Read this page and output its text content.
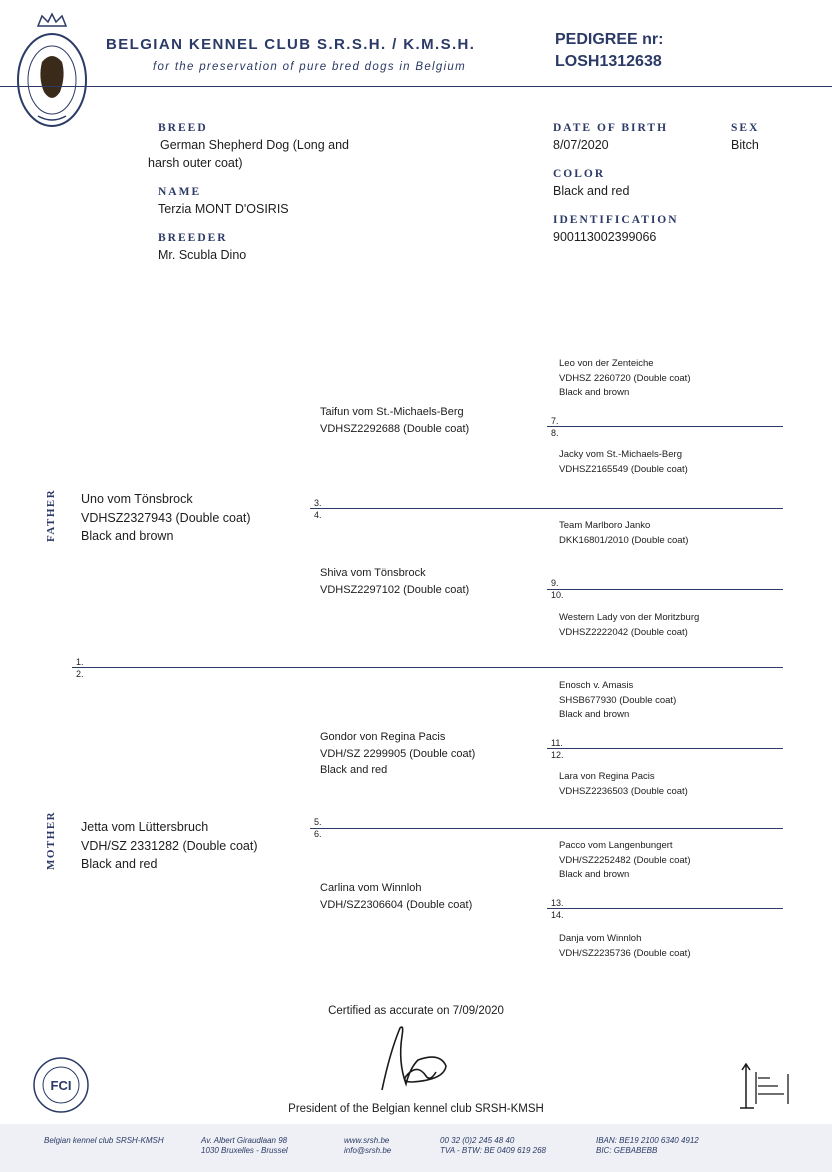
BELGIAN KENNEL CLUB S.R.S.H. / K.M.S.H.
for the preservation of pure bred dogs in Belgium
PEDIGREE nr:
LOSH1312638
BREED
German Shepherd Dog (Long and
harsh outer coat)
NAME
Terzia MONT D'OSIRIS
BREEDER
Mr. Scubla Dino
DATE OF BIRTH
8/07/2020
SEX
Bitch
COLOR
Black and red
IDENTIFICATION
900113002399066
FATHER
MOTHER
Uno vom Tönsbrock
VDHSZ2327943 (Double coat)
Black and brown
Jetta vom Lüttersbruch
VDH/SZ 2331282 (Double coat)
Black and red
Taifun vom St.-Michaels-Berg
VDHSZ2292688 (Double coat)
Shiva vom Tönsbrock
VDHSZ2297102 (Double coat)
Gondor von Regina Pacis
VDH/SZ 2299905 (Double coat)
Black and red
Carlina vom Winnloh
VDH/SZ2306604 (Double coat)
Leo von der Zenteiche
VDHSZ 2260720 (Double coat)
Black and brown
Jacky vom St.-Michaels-Berg
VDHSZ2165549 (Double coat)
Team Marlboro Janko
DKK16801/2010 (Double coat)
Western Lady von der Moritzburg
VDHSZ2222042 (Double coat)
Enosch v. Amasis
SHSB677930 (Double coat)
Black and brown
Lara von Regina Pacis
VDHSZ2236503 (Double coat)
Pacco vom Langenbungert
VDH/SZ2252482 (Double coat)
Black and brown
Danja vom Winnloh
VDH/SZ2235736 (Double coat)
1.
2.
3.
4.
5.
6.
7.
8.
9.
10.
11.
12.
13.
14.
Certified as accurate on 7/09/2020
President of the Belgian kennel club SRSH-KMSH
FCI
Belgian kennel club SRSH-KMSH	Av. Albert Giraudlaan 98
1030 Bruxelles - Brussel
www.srsh.be
info@srsh.be
00 32 (0)2 245 48 40
TVA - BTW: BE 0409 619 268
IBAN: BE19 2100 6340 4912
BIC: GEBABEBB
